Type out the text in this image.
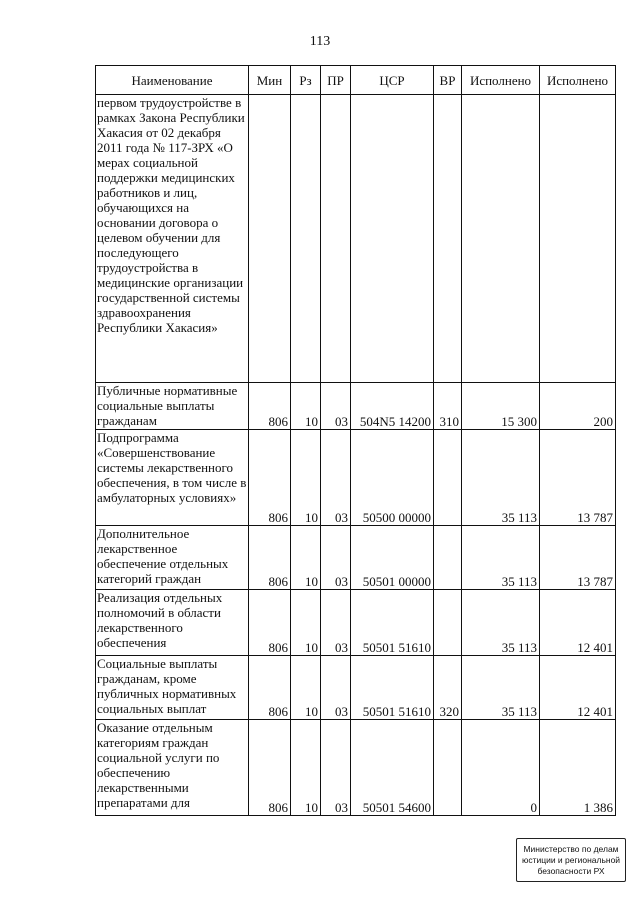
113
Наименование	Мин	Рз	ПР	ЦСР	ВР	Исполнено	Исполнено
первом трудоустройстве в рамках Закона Республики Хакасия от 02 декабря 2011 года № 117-ЗРХ «О мерах социальной поддержки медицинских работников и лиц, обучающихся на основании договора о целевом обучении для последующего трудоустройства в медицинские организации государственной системы здравоохранения Республики Хакасия»							
Публичные нормативные социальные выплаты гражданам	806	10	03	504N5 14200	310	15 300	200
Подпрограмма «Совершенствование системы лекарственного обеспечения, в том числе в амбулаторных условиях»	806	10	03	50500 00000		35 113	13 787
Дополнительное лекарственное обеспечение отдельных категорий граждан	806	10	03	50501 00000		35 113	13 787
Реализация отдельных полномочий в области лекарственного обеспечения	806	10	03	50501 51610		35 113	12 401
Социальные выплаты гражданам, кроме публичных нормативных социальных выплат	806	10	03	50501 51610	320	35 113	12 401
Оказание отдельным категориям граждан социальной услуги по обеспечению лекарственными препаратами для	806	10	03	50501 54600		0	1 386
Министерство по делам
юстиции и региональной
безопасности РХ
